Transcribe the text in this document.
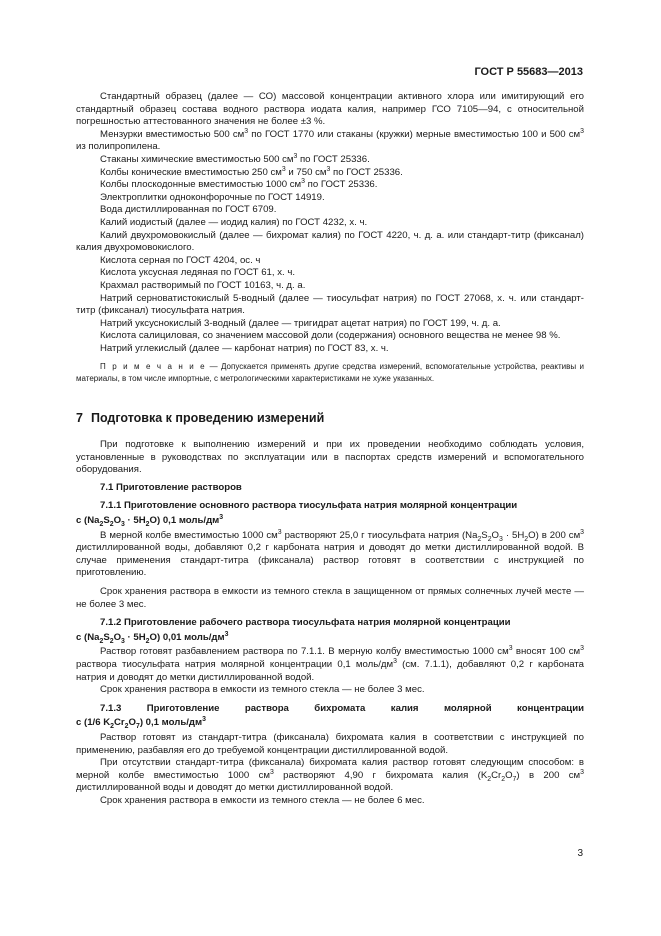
ГОСТ Р 55683—2013

Стандартный образец (далее — СО) массовой концентрации активного хлора или имитирующий его стандартный образец состава водного раствора иодата калия, например ГСО 7105—94, с относительной погрешностью аттестованного значения не более ±3 %.

Мензурки вместимостью 500 $см^3$ по ГОСТ 1770 или стаканы (кружки) мерные вместимостью 100 и 500 $см^3$ из полипропилена.

Стаканы химические вместимостью 500 $см^3$ по ГОСТ 25336.

Колбы конические вместимостью 250 $см^3$ и 750 $см^3$ по ГОСТ 25336.

Колбы плоскодонные вместимостью 1000 $см^3$ по ГОСТ 25336.

Электроплитки одноконфорочные по ГОСТ 14919.

Вода дистиллированная по ГОСТ 6709.

Калий иодистый (далее — иодид калия) по ГОСТ 4232, х. ч.

Калий двухромовокислый (далее — бихромат калия) по ГОСТ 4220, ч. д. а. или стандарт-титр (фиксанал) калия двухромовокислого.

Кислота серная по ГОСТ 4204, ос. ч

Кислота уксусная ледяная по ГОСТ 61, х. ч.

Крахмал растворимый по ГОСТ 10163, ч. д. а.

Натрий серноватистокислый 5-водный (далее — тиосульфат натрия) по ГОСТ 27068, х. ч. или стандарт-титр (фиксанал) тиосульфата натрия.

Натрий уксуснокислый 3-водный (далее — тригидрат ацетат натрия) по ГОСТ 199, ч. д. а.

Кислота салициловая, со значением массовой доли (содержания) основного вещества не менее 98 %.

Натрий углекислый (далее — карбонат натрия) по ГОСТ 83, х. ч.

П р и м е ч а н и е — Допускается применять другие средства измерений, вспомогательные устройства, реактивы и материалы, в том числе импортные, с метрологическими характеристиками не хуже указанных.

7 Подготовка к проведению измерений

При подготовке к выполнению измерений и при их проведении необходимо соблюдать условия, установленные в руководствах по эксплуатации или в паспортах средств измерений и вспомогательного оборудования.

7.1 Приготовление растворов

7.1.1 Приготовление основного раствора тиосульфата натрия молярной концентрации

с $(Na_2S_2O_3 \cdot 5H_2O)$ 0,1 моль/$дм^3$

В мерной колбе вместимостью 1000 $см^3$ растворяют 25,0 г тиосульфата натрия $(Na_2S_2O_3 \cdot 5H_2O)$ в 200 $см^3$ дистиллированной воды, добавляют 0,2 г карбоната натрия и доводят до метки дистиллированной водой. В случае применения стандарт-титра (фиксанала) раствор готовят в соответствии с инструкцией по приготовлению.

Срок хранения раствора в емкости из темного стекла в защищенном от прямых солнечных лучей месте — не более 3 мес.

7.1.2 Приготовление рабочего раствора тиосульфата натрия молярной концентрации

с $(Na_2S_2O_3 \cdot 5H_2O)$ 0,01 моль/$дм^3$

Раствор готовят разбавлением раствора по 7.1.1. В мерную колбу вместимостью 1000 $см^3$ вносят 100 $см^3$ раствора тиосульфата натрия молярной концентрации 0,1 моль/$дм^3$ (см. 7.1.1), добавляют 0,2 г карбоната натрия и доводят до метки дистиллированной водой.

Срок хранения раствора в емкости из темного стекла — не более 3 мес.

7.1.3 Приготовление раствора бихромата калия молярной концентрации

с (1/6 $K_2Cr_2O_7$) 0,1 моль/$дм^3$

Раствор готовят из стандарт-титра (фиксанала) бихромата калия в соответствии с инструкцией по применению, разбавляя его до требуемой концентрации дистиллированной водой.

При отсутствии стандарт-титра (фиксанала) бихромата калия раствор готовят следующим способом: в мерной колбе вместимостью 1000 $см^3$ растворяют 4,90 г бихромата калия $(K_2Cr_2O_7)$ в 200 $см^3$ дистиллированной воды и доводят до метки дистиллированной водой.

Срок хранения раствора в емкости из темного стекла — не более 6 мес.

3
